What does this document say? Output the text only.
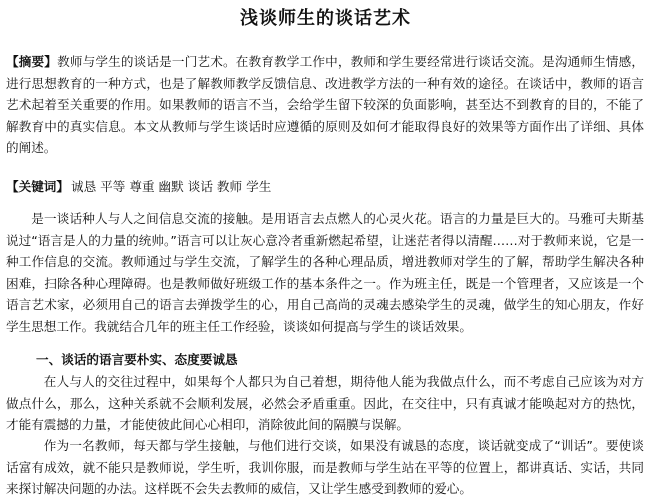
浅谈师生的谈话艺术

【摘要】教师与学生的谈话是一门艺术。在教育教学工作中，教师和学生要经常进行谈话交流。是沟通师生情感，进行思想教育的一种方式，也是了解教师教学反馈信息、改进教学方法的一种有效的途径。在谈话中，教师的语言艺术起着至关重要的作用。如果教师的语言不当，会给学生留下较深的负面影响，甚至达不到教育的目的，不能了解教育中的真实信息。本文从教师与学生谈话时应遵循的原则及如何才能取得良好的效果等方面作出了详细、具体的阐述。

【关键词】 诚恳 平等 尊重 幽默 谈话 教师 学生

是一谈话种人与人之间信息交流的接触。是用语言去点燃人的心灵火花。语言的力量是巨大的。马雅可夫斯基说过“语言是人的力量的统帅。”语言可以让灰心意冷者重新燃起希望，让迷茫者得以清醒……对于教师来说，它是一种工作信息的交流。教师通过与学生交流，了解学生的各种心理品质，增进教师对学生的了解，帮助学生解决各种困难，扫除各种心理障碍。也是教师做好班级工作的基本条件之一。作为班主任，既是一个管理者，又应该是一个语言艺术家，必须用自己的语言去弹拨学生的心，用自己高尚的灵魂去感染学生的灵魂，做学生的知心朋友，作好学生思想工作。我就结合几年的班主任工作经验，谈谈如何提高与学生的谈话效果。

一、谈话的语言要朴实、态度要诚恳

在人与人的交往过程中，如果每个人都只为自己着想，期待他人能为我做点什么，而不考虑自己应该为对方做点什么，那么，这种关系就不会顺利发展，必然会矛盾重重。因此，在交往中，只有真诚才能唤起对方的热忱，才能有震撼的力量，才能使彼此间心心相印，消除彼此间的隔膜与误解。

作为一名教师，每天都与学生接触，与他们进行交谈，如果没有诚恳的态度，谈话就变成了“训话”。要使谈话富有成效，就不能只是教师说，学生听，我训你服，而是教师与学生站在平等的位置上，都讲真话、实话，共同来探讨解决问题的办法。这样既不会失去教师的威信，又让学生感受到教师的爱心。
